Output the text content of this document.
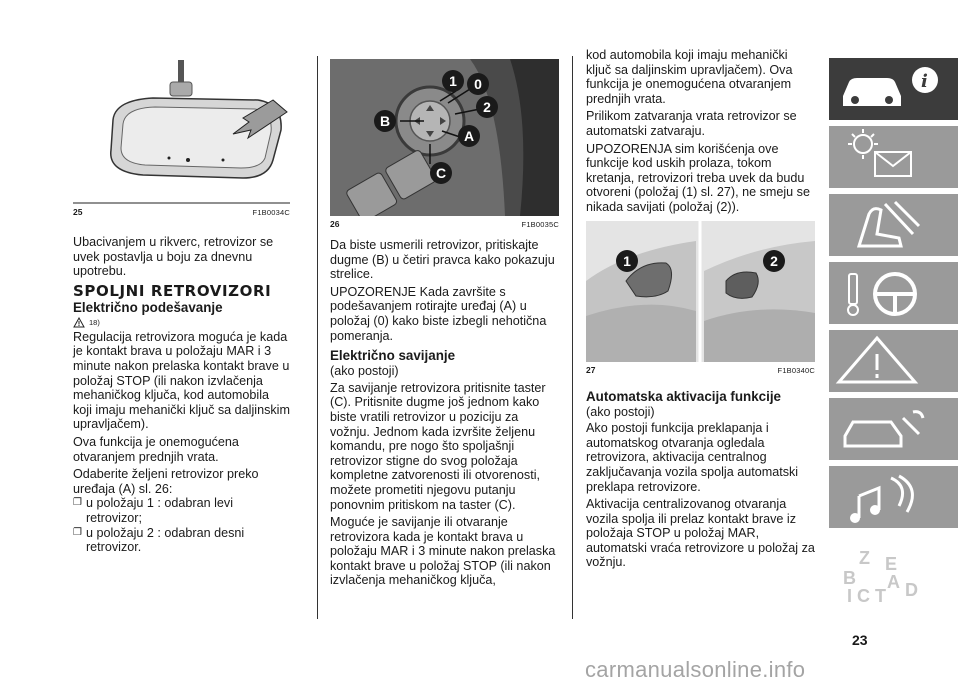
25	F1B0034C

Ubacivanjem u rikverc, retrovizor se uvek postavlja u boju za dnevnu upotrebu.

SPOLJNI RETROVIZORI
Električno podešavanje
18)

Regulacija retrovizora moguća je kada je kontakt brava u položaju MAR i 3 minute nakon prelaska kontakt brave u položaj STOP (ili nakon izvlačenja mehaničkog ključa, kod automobila koji imaju mehanički ključ sa daljinskim upravljačem).

Ova funkcija je onemogućena otvaranjem prednjih vrata.

Odaberite željeni retrovizor preko uređaja (A) sl. 26:

❐ u položaju 1 : odabran levi retrovizor;
❐ u položaju 2 : odabran desni retrovizor.
1 0
2
B
A
C
26	F1B0035C

Da biste usmerili retrovizor, pritiskajte dugme (B) u četiri pravca kako pokazuju strelice.

UPOZORENJE Kada završite s podešavanjem rotirajte uređaj (A) u položaj (0) kako biste izbegli nehotična pomeranja.

Električno savijanje
(ako postoji)

Za savijanje retrovizora pritisnite taster (C). Pritisnite dugme još jednom kako biste vratili retrovizor u poziciju za vožnju. Jednom kada izvršite željenu komandu, pre nogo što spoljašnji retrovizor stigne do svog položaja kompletne zatvorenosti ili otvorenosti, možete prometiti njegovu putanju ponovnim pritiskom na taster (C).

Moguće je savijanje ili otvaranje retrovizora kada je kontakt brava u položaju MAR i 3 minute nakon prelaska kontakt brave u položaj STOP (ili nakon izvlačenja mehaničkog ključa,

kod automobila koji imaju mehanički ključ sa daljinskim upravljačem). Ova funkcija je onemogućena otvaranjem prednjih vrata.

Prilikom zatvaranja vrata retrovizor se automatski zatvaraju.

UPOZORENJA sim korišćenja ove funkcije kod uskih prolaza, tokom kretanja, retrovizori treba uvek da budu otvoreni (položaj (1) sl. 27), ne smeju se nikada savijati (položaj (2)).

1	2
27	F1B0340C
Automatska aktivacija funkcije
(ako postoji)

Ako postoji funkcija preklapanja i automatskog otvaranja ogledala retrovizora, aktivacija centralnog zaključavanja vozila spolja automatski preklapa retrovizore.

Aktivacija centralizovanog otvaranja vozila spolja ili prelaz kontakt brave iz položaja STOP u položaj MAR, automatski vraća retrovizore u položaj za vožnju.

i
Z E
B A
C T D
I
23
carmanualsonline.info
